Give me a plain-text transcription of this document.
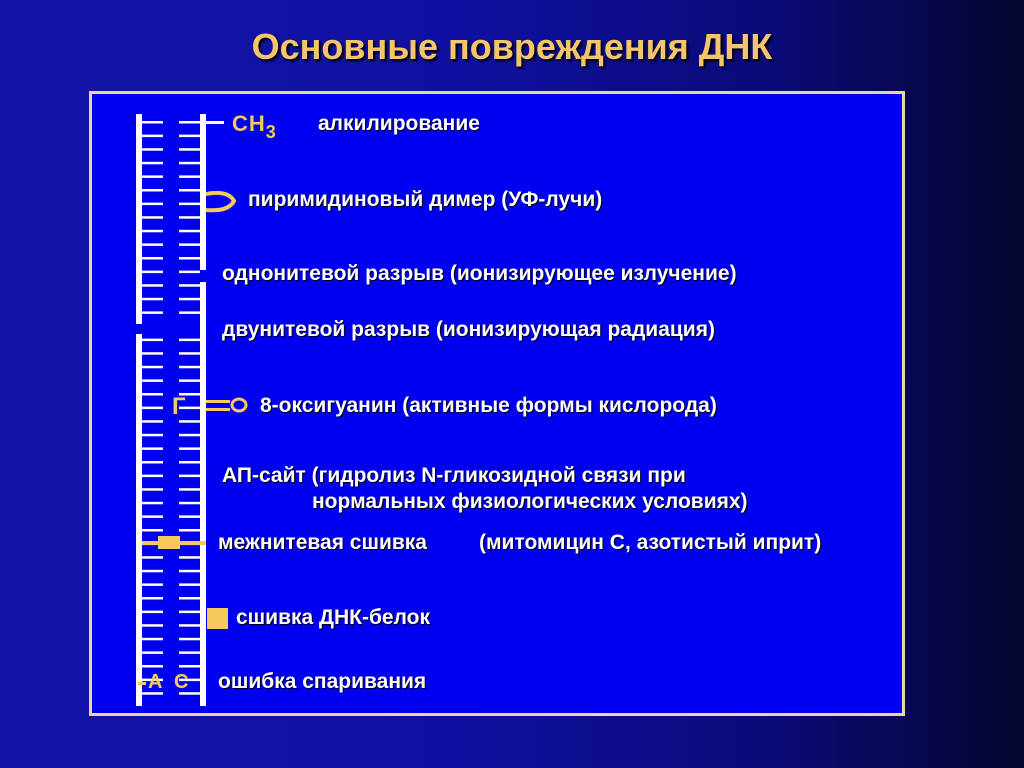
Основные повреждения ДНК
$CH_3$
Г
А С
алкилирование
пиримидиновый димер (УФ-лучи)
однонитевой разрыв (ионизирующее излучение)
двунитевой разрыв (ионизирующая радиация)
8-оксигуанин (активные формы кислорода)
АП-сайт (гидролиз N-гликозидной связи при
нормальных физиологических условиях)
межнитевая сшивка (митомицин С, азотистый иприт)
сшивка ДНК-белок
ошибка спаривания
